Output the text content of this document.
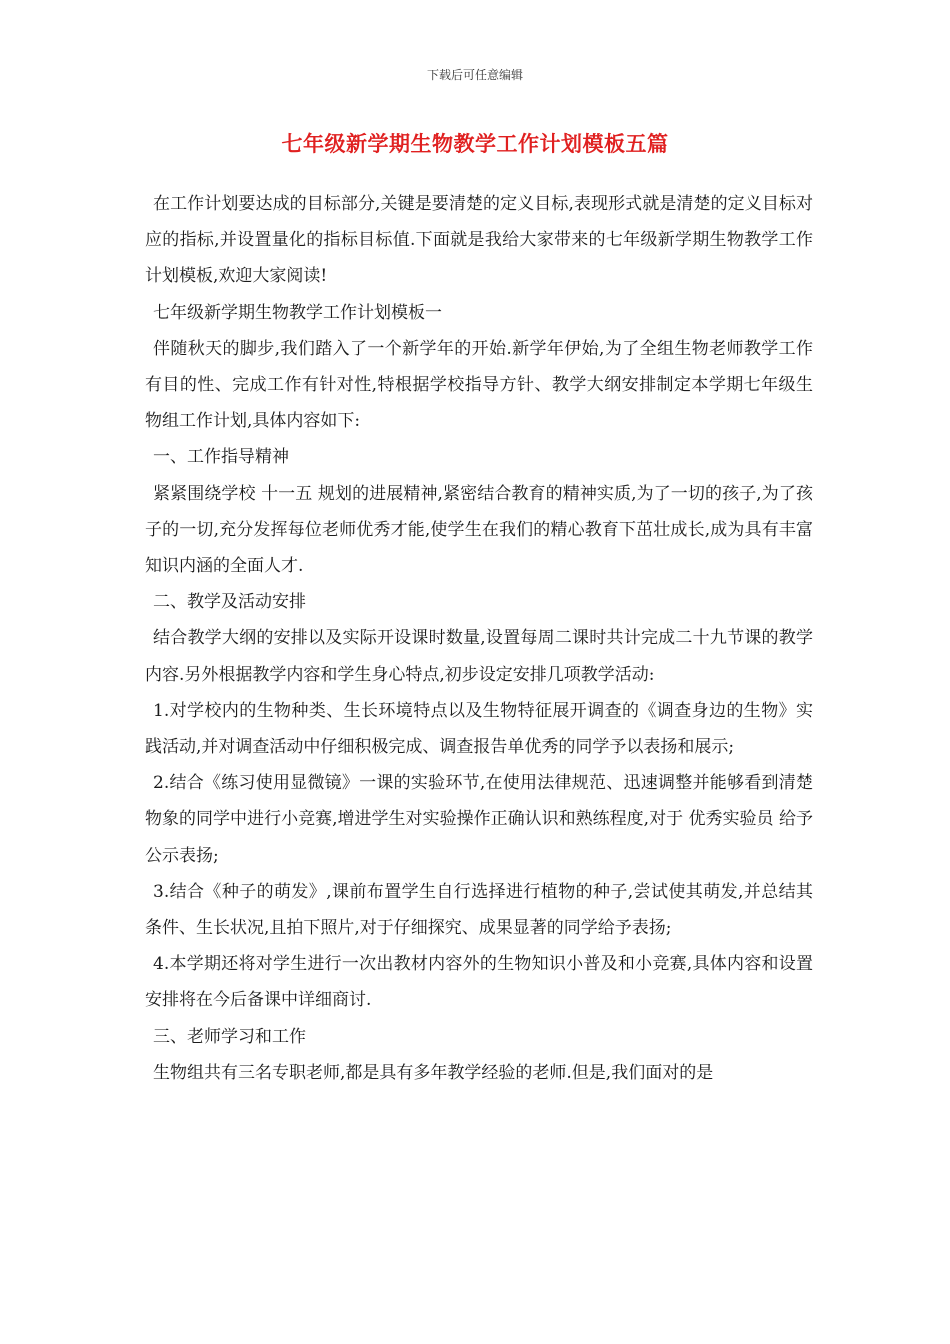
下载后可任意编辑
七年级新学期生物教学工作计划模板五篇

在工作计划要达成的目标部分,关键是要清楚的定义目标,表现形式就是清楚的定义目标对应的指标,并设置量化的指标目标值.下面就是我给大家带来的七年级新学期生物教学工作计划模板,欢迎大家阅读!

七年级新学期生物教学工作计划模板一

伴随秋天的脚步,我们踏入了一个新学年的开始.新学年伊始,为了全组生物老师教学工作有目的性、完成工作有针对性,特根据学校指导方针、教学大纲安排制定本学期七年级生物组工作计划,具体内容如下:

一、工作指导精神

紧紧围绕学校 十一五 规划的进展精神,紧密结合教育的精神实质,为了一切的孩子,为了孩子的一切,充分发挥每位老师优秀才能,使学生在我们的精心教育下茁壮成长,成为具有丰富知识内涵的全面人才.

二、教学及活动安排

结合教学大纲的安排以及实际开设课时数量,设置每周二课时共计完成二十九节课的教学内容.另外根据教学内容和学生身心特点,初步设定安排几项教学活动:

1.对学校内的生物种类、生长环境特点以及生物特征展开调查的《调查身边的生物》实践活动,并对调查活动中仔细积极完成、调查报告单优秀的同学予以表扬和展示;

2.结合《练习使用显微镜》一课的实验环节,在使用法律规范、迅速调整并能够看到清楚物象的同学中进行小竞赛,增进学生对实验操作正确认识和熟练程度,对于 优秀实验员 给予公示表扬;

3.结合《种子的萌发》,课前布置学生自行选择进行植物的种子,尝试使其萌发,并总结其条件、生长状况,且拍下照片,对于仔细探究、成果显著的同学给予表扬;

4.本学期还将对学生进行一次出教材内容外的生物知识小普及和小竞赛,具体内容和设置安排将在今后备课中详细商讨.

三、老师学习和工作

生物组共有三名专职老师,都是具有多年教学经验的老师.但是,我们面对的是
